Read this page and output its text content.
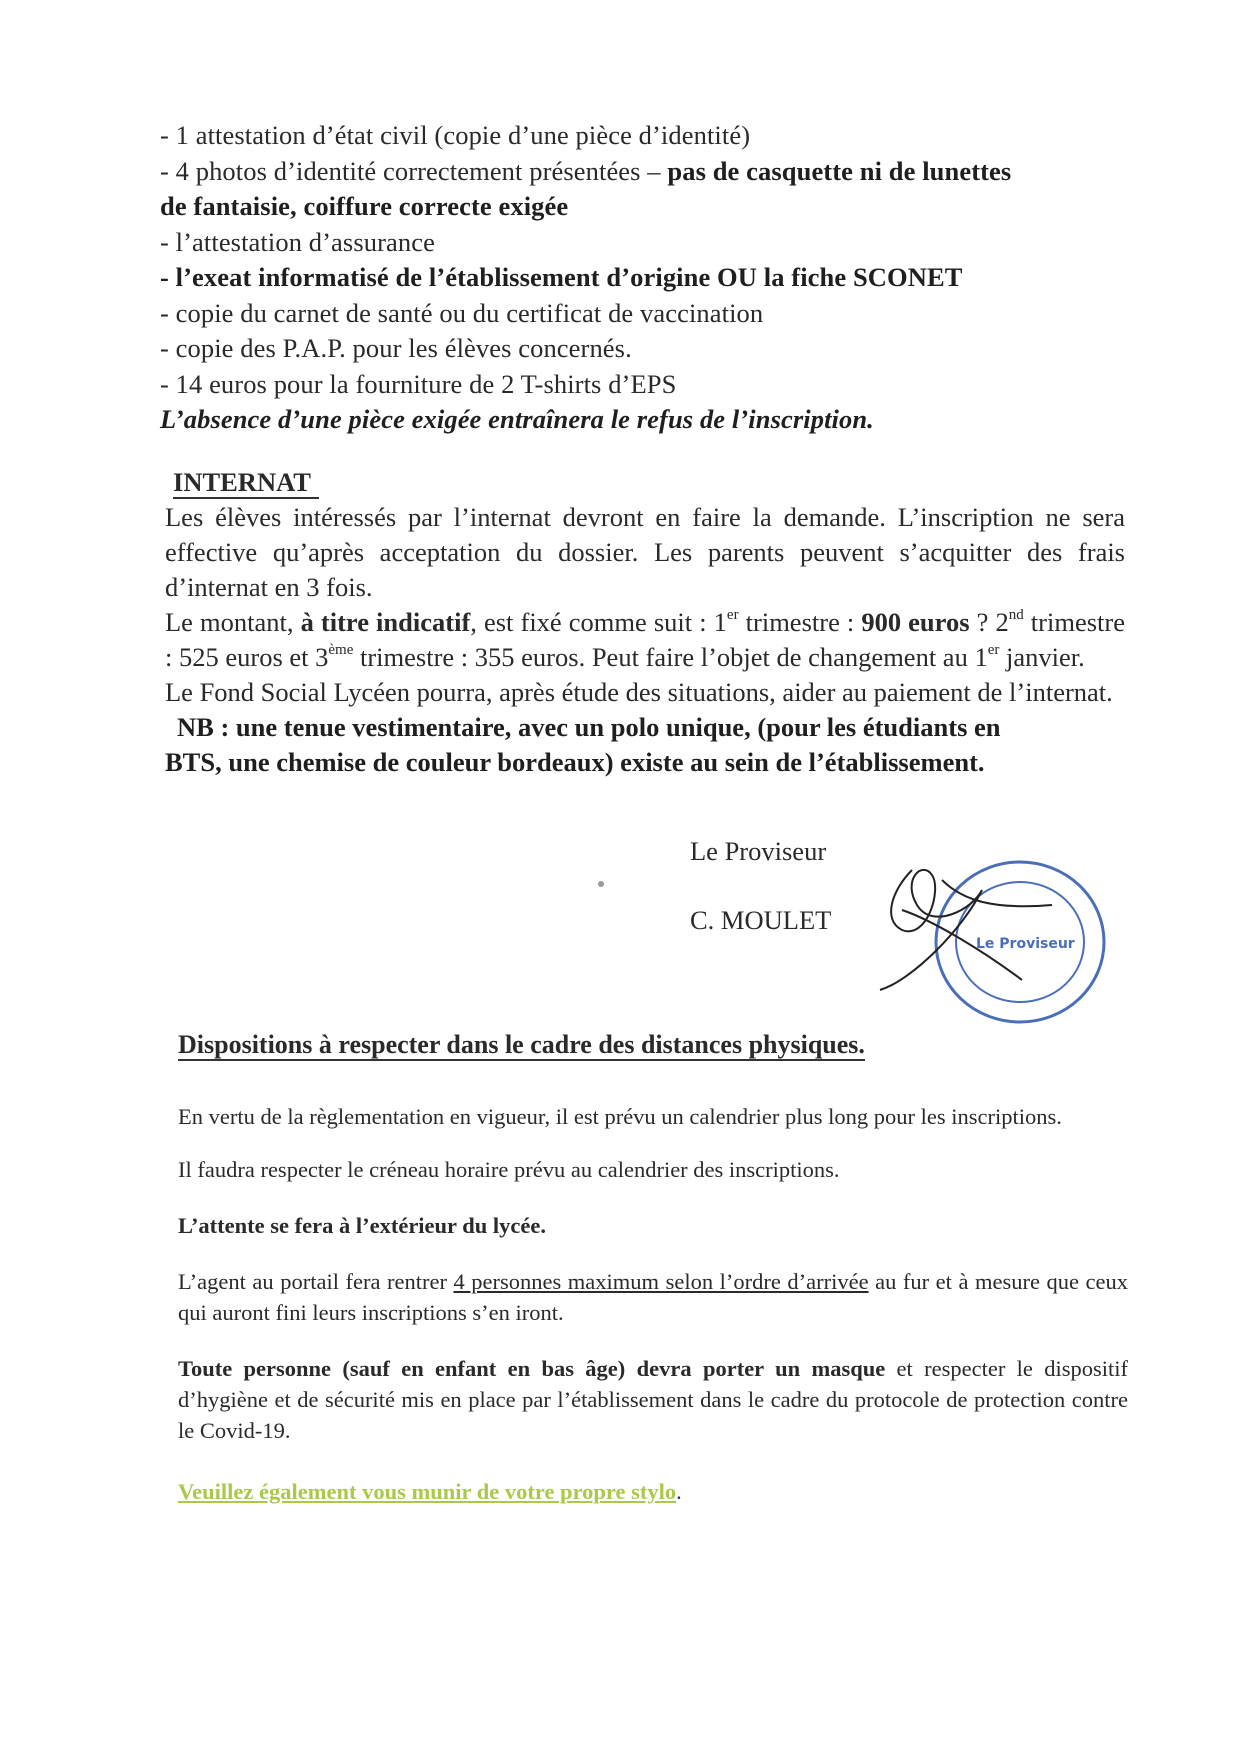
- 1 attestation d’état civil (copie d’une pièce d’identité)
- 4 photos d’identité correctement présentées – pas de casquette ni de lunettes
de fantaisie, coiffure correcte exigée
- l’attestation d’assurance
- l’exeat informatisé de l’établissement d’origine OU la fiche SCONET
- copie du carnet de santé ou du certificat de vaccination
- copie des P.A.P. pour les élèves concernés.
- 14 euros pour la fourniture de 2 T-shirts d’EPS
L’absence d’une pièce exigée entraînera le refus de l’inscription.
INTERNAT

Les élèves intéressés par l’internat devront en faire la demande. L’inscription ne sera effective qu’après acceptation du dossier. Les parents peuvent s’acquitter des frais d’internat en 3 fois.

Le montant, à titre indicatif, est fixé comme suit : 1er trimestre : 900 euros ? 2nd trimestre : 525 euros et 3ème trimestre : 355 euros. Peut faire l’objet de changement au 1er janvier.

Le Fond Social Lycéen pourra, après étude des situations, aider au paiement de l’internat.

NB : une tenue vestimentaire, avec un polo unique, (pour les étudiants en

BTS, une chemise de couleur bordeaux) existe au sein de l’établissement.

Le Proviseur
C. MOULET
Le Proviseur
Dispositions à respecter dans le cadre des distances physiques.

En vertu de la règlementation en vigueur, il est prévu un calendrier plus long pour les inscriptions.

Il faudra respecter le créneau horaire prévu au calendrier des inscriptions.

L’attente se fera à l’extérieur du lycée.

L’agent au portail fera rentrer 4 personnes maximum selon l’ordre d’arrivée au fur et à mesure que ceux qui auront fini leurs inscriptions s’en iront.

Toute personne (sauf en enfant en bas âge) devra porter un masque et respecter le dispositif d’hygiène et de sécurité mis en place par l’établissement dans le cadre du protocole de protection contre le Covid-19.

Veuillez également vous munir de votre propre stylo.
